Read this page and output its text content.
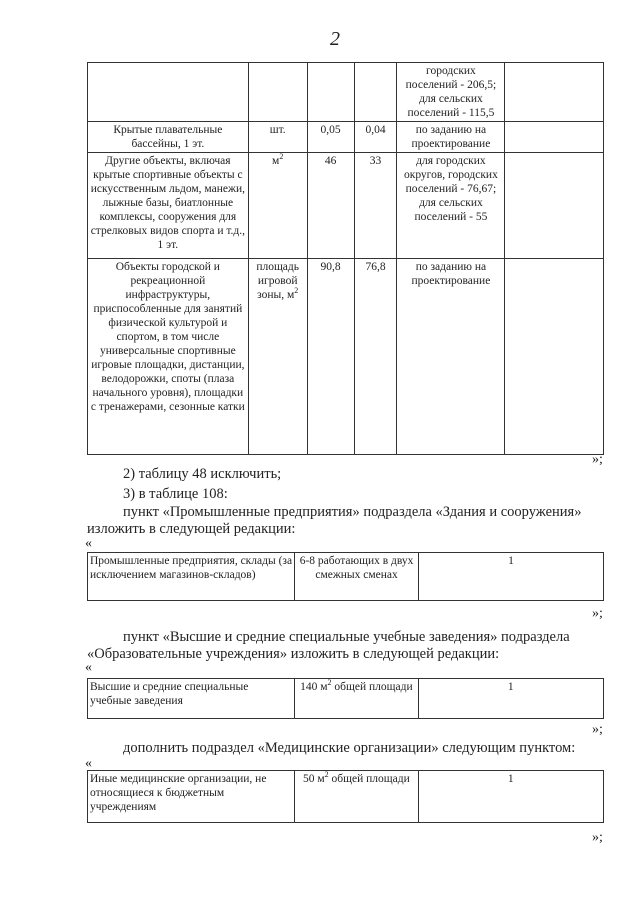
2
				городских поселений - 206,5; для сельских поселений - 115,5	
Крытые плавательные бассейны, 1 эт.	шт.	0,05	0,04	по заданию на проектирование	
Другие объекты, включая крытые спортивные объекты с искусственным льдом, манежи, лыжные базы, биатлонные комплексы, сооружения для стрелковых видов спорта и т.д., 1 эт.	$м^2$	46	33	для городских округов, городских поселений - 76,67; для сельских поселений - 55	
Объекты городской и рекреационной инфраструктуры, приспособленные для занятий физической культурой и спортом, в том числе универсальные спортивные игровые площадки, дистанции, велодорожки, споты (плаза начального уровня), площадки с тренажерами, сезонные катки	площадь игровой зоны, $м^2$	90,8	76,8	по заданию на проектирование	
»;
2) таблицу 48 исключить;
3) в таблице 108:
пункт «Промышленные предприятия» подраздела «Здания и сооружения»
изложить в следующей редакции:
«
Промышленные предприятия, склады (за исключением магазинов-складов)	6-8 работающих в двух смежных сменах	1
»;
пункт «Высшие и средние специальные учебные заведения» подраздела
«Образовательные учреждения» изложить в следующей редакции:
«
Высшие и средние специальные учебные заведения	140 $м^2$ общей площади	1
»;
дополнить подраздел «Медицинские организации» следующим пунктом:
«
Иные медицинские организации, не относящиеся к бюджетным учреждениям	50 $м^2$ общей площади	1
»;
